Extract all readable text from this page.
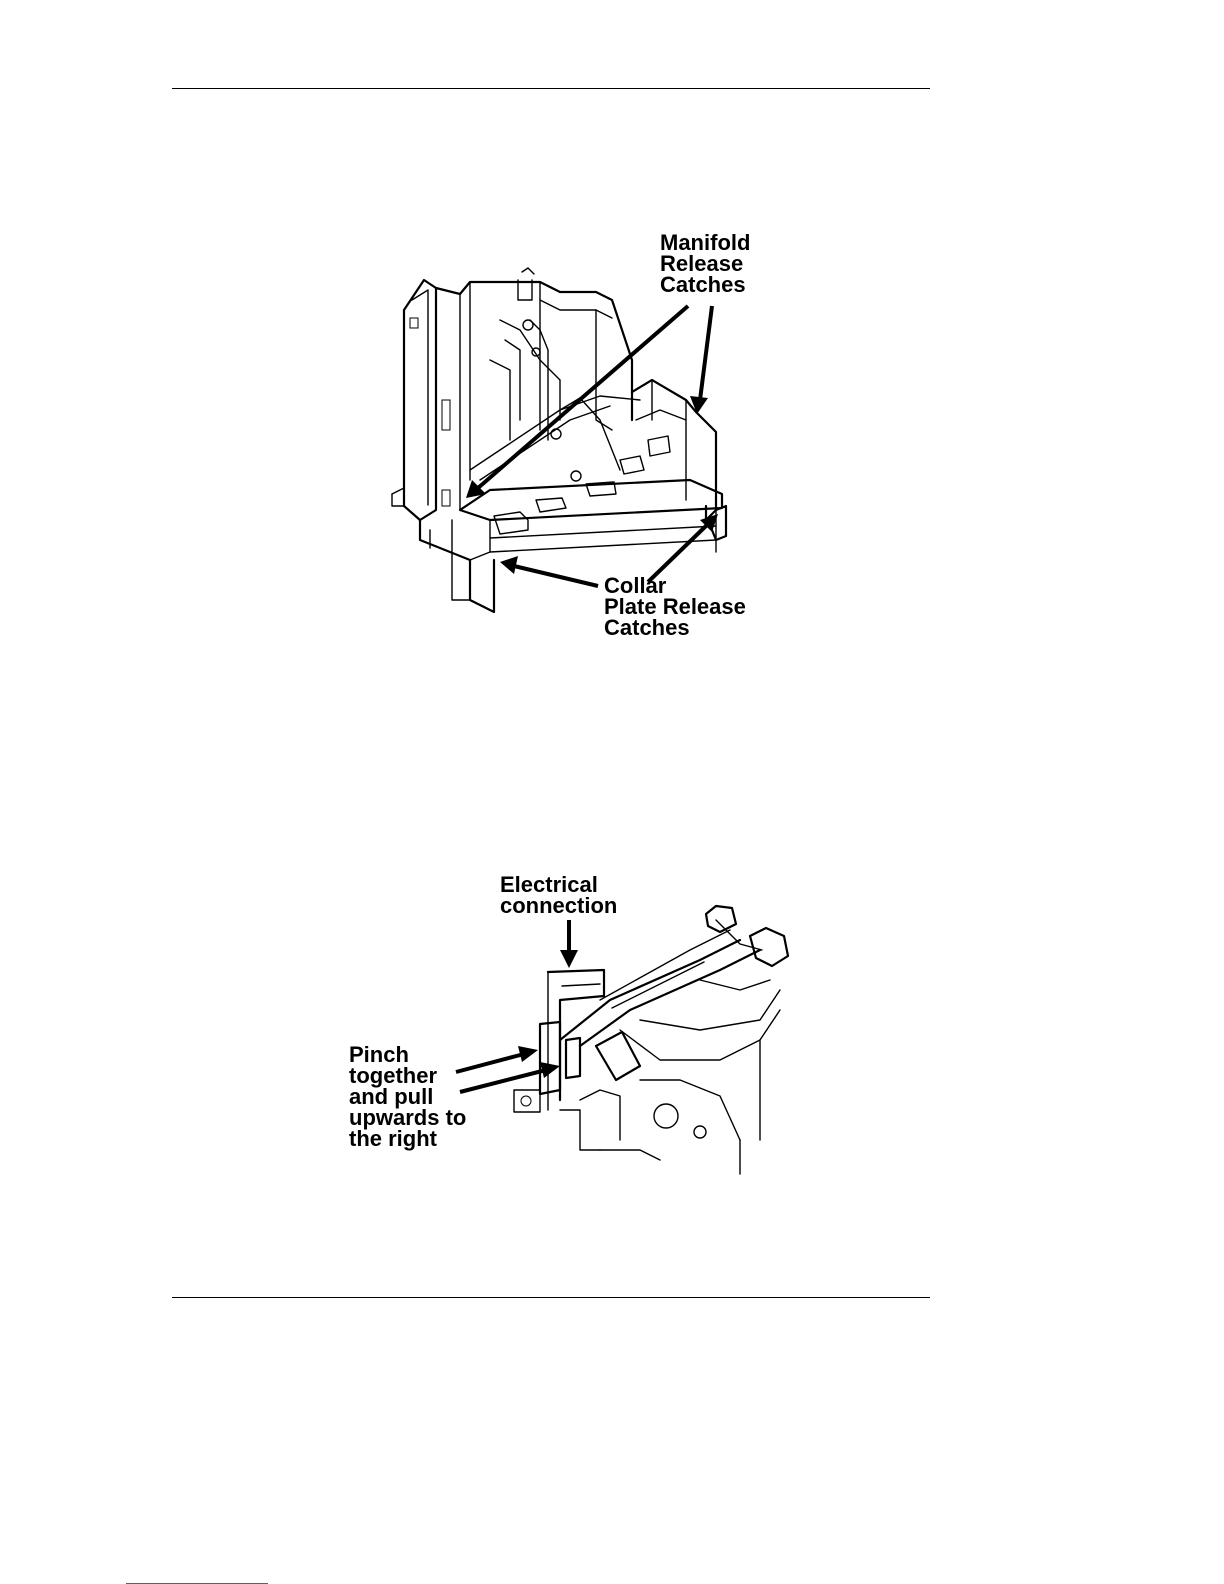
Manifold
Release
Catches
Collar
Plate Release
Catches
Electrical
connection
Pinch
together
and pull
upwards to
the right
